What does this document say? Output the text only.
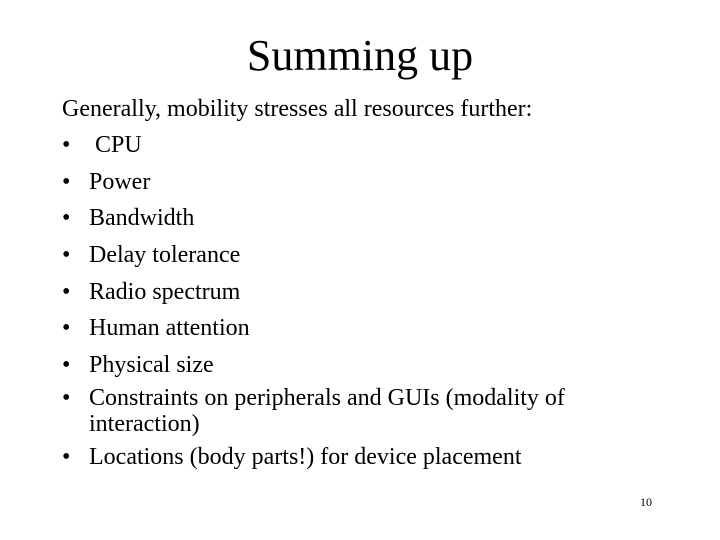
Summing up
Generally, mobility stresses all resources further:
• CPU
• Power
• Bandwidth
• Delay tolerance
• Radio spectrum
• Human attention
• Physical size
• Constraints on peripherals and GUIs (modality of interaction)
• Locations (body parts!) for device placement
10
